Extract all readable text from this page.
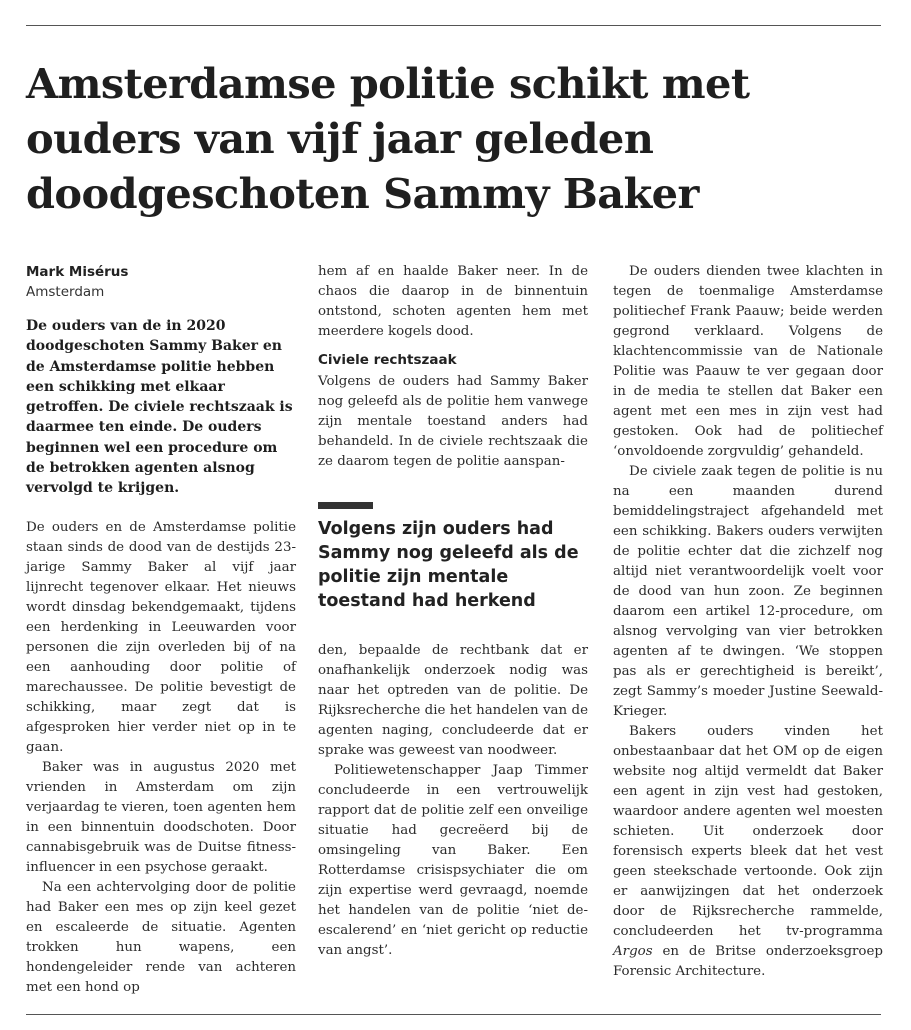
Amsterdamse politie schikt met ouders van vijf jaar geleden doodgeschoten Sammy Baker

Mark Misérus

Amsterdam

De ouders van de in 2020 doodgeschoten Sammy Baker en de Amsterdamse politie hebben een schikking met elkaar getroffen. De civiele rechtszaak is daarmee ten einde. De ouders beginnen wel een procedure om de betrokken agenten alsnog vervolgd te krijgen.

De ouders en de Amsterdamse politie staan sinds de dood van de destijds 23-jarige Sammy Baker al vijf jaar lijnrecht tegenover elkaar. Het nieuws wordt dinsdag bekendgemaakt, tijdens een herdenking in Leeuwarden voor personen die zijn overleden bij of na een aanhouding door politie of marechaussee. De politie bevestigt de schikking, maar zegt dat is afgesproken hier verder niet op in te gaan.

Baker was in augustus 2020 met vrienden in Amsterdam om zijn verjaardag te vieren, toen agenten hem in een binnentuin doodschoten. Door cannabisgebruik was de Duitse fitness-influencer in een psychose geraakt.

Na een achtervolging door de politie had Baker een mes op zijn keel gezet en escaleerde de situatie. Agenten trokken hun wapens, een hondengeleider rende van achteren met een hond op

hem af en haalde Baker neer. In de chaos die daarop in de binnentuin ontstond, schoten agenten hem met meerdere kogels dood.

Civiele rechtszaak

Volgens de ouders had Sammy Baker nog geleefd als de politie hem vanwege zijn mentale toestand anders had behandeld. In de civiele rechtszaak die ze daarom tegen de politie aanspan-

Volgens zijn ouders had Sammy nog geleefd als de politie zijn mentale toestand had herkend

den, bepaalde de rechtbank dat er onafhankelijk onderzoek nodig was naar het optreden van de politie. De Rijksrecherche die het handelen van de agenten naging, concludeerde dat er sprake was geweest van noodweer.

Politiewetenschapper Jaap Timmer concludeerde in een vertrouwelijk rapport dat de politie zelf een onveilige situatie had gecreëerd bij de omsingeling van Baker. Een Rotterdamse crisispsychiater die om zijn expertise werd gevraagd, noemde het handelen van de politie ‘niet de-escalerend’ en ‘niet gericht op reductie van angst’.

De ouders dienden twee klachten in tegen de toenmalige Amsterdamse politiechef Frank Paauw; beide werden gegrond verklaard. Volgens de klachtencommissie van de Nationale Politie was Paauw te ver gegaan door in de media te stellen dat Baker een agent met een mes in zijn vest had gestoken. Ook had de politiechef ‘onvoldoende zorgvuldig’ gehandeld.

De civiele zaak tegen de politie is nu na een maanden durend bemiddelingstraject afgehandeld met een schikking. Bakers ouders verwijten de politie echter dat die zichzelf nog altijd niet verantwoordelijk voelt voor de dood van hun zoon. Ze beginnen daarom een artikel 12-procedure, om alsnog vervolging van vier betrokken agenten af te dwingen. ‘We stoppen pas als er gerechtigheid is bereikt’, zegt Sammy’s moeder Justine Seewald-Krieger.

Bakers ouders vinden het onbestaanbaar dat het OM op de eigen website nog altijd vermeldt dat Baker een agent in zijn vest had gestoken, waardoor andere agenten wel moesten schieten. Uit onderzoek door forensisch experts bleek dat het vest geen steekschade vertoonde. Ook zijn er aanwijzingen dat het onderzoek door de Rijksrecherche rammelde, concludeerden het tv-programma Argos en de Britse onderzoeksgroep Forensic Architecture.
